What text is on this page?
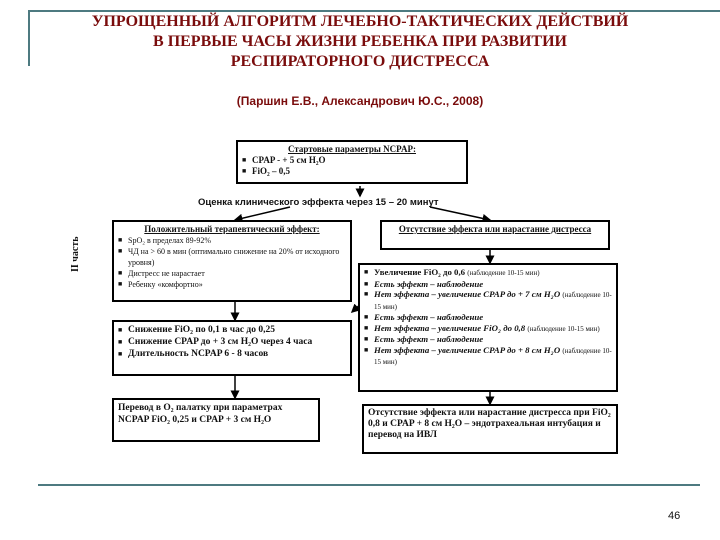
УПРОЩЕННЫЙ АЛГОРИТМ ЛЕЧЕБНО-ТАКТИЧЕСКИХ ДЕЙСТВИЙ
В ПЕРВЫЕ ЧАСЫ ЖИЗНИ РЕБЕНКА ПРИ РАЗВИТИИ
РЕСПИРАТОРНОГО ДИСТРЕССА
(Паршин Е.В., Александрович Ю.С., 2008)
Стартовые параметры NCPAP:
■ CPAP - + 5 см H₂O
■ FiO₂ – 0,5
Оценка клинического эффекта через 15 – 20 минут
II часть
Положительный терапевтический эффект:
■ SpO₂ в пределах 89-92%
■ ЧД на > 60 в мин (оптимально снижение на 20% от исходного уровня)
■ Дистресс не нарастает
■ Ребенку «комфортно»
Отсутствие эффекта или нарастание дистресса
■ Увеличение FiO₂ до 0,6 (наблюдение 10-15 мин)
■ Есть эффект – наблюдение
■ Нет эффекта – увеличение CPAP до + 7 см H₂O (наблюдение 10-15 мин)
■ Есть эффект – наблюдение
■ Нет эффекта – увеличение FiO₂ до 0,8 (наблюдение 10-15 мин)
■ Есть эффект – наблюдение
■ Нет эффекта – увеличение CPAP до + 8 см H₂O (наблюдение 10-15 мин)
■ Снижение FiO₂ по 0,1 в час до 0,25
■ Снижение CPAP до + 3 см H₂O через 4 часа
■ Длительность NCPAP 6 - 8 часов
Перевод в О₂ палатку при параметрах NCPAP FiO₂ 0,25 и CPAP + 3 см H₂O
Отсутствие эффекта или нарастание дистресса при FiO₂ 0,8 и CPAP + 8 см H₂O – эндотрахеальная интубация и перевод на ИВЛ
46
